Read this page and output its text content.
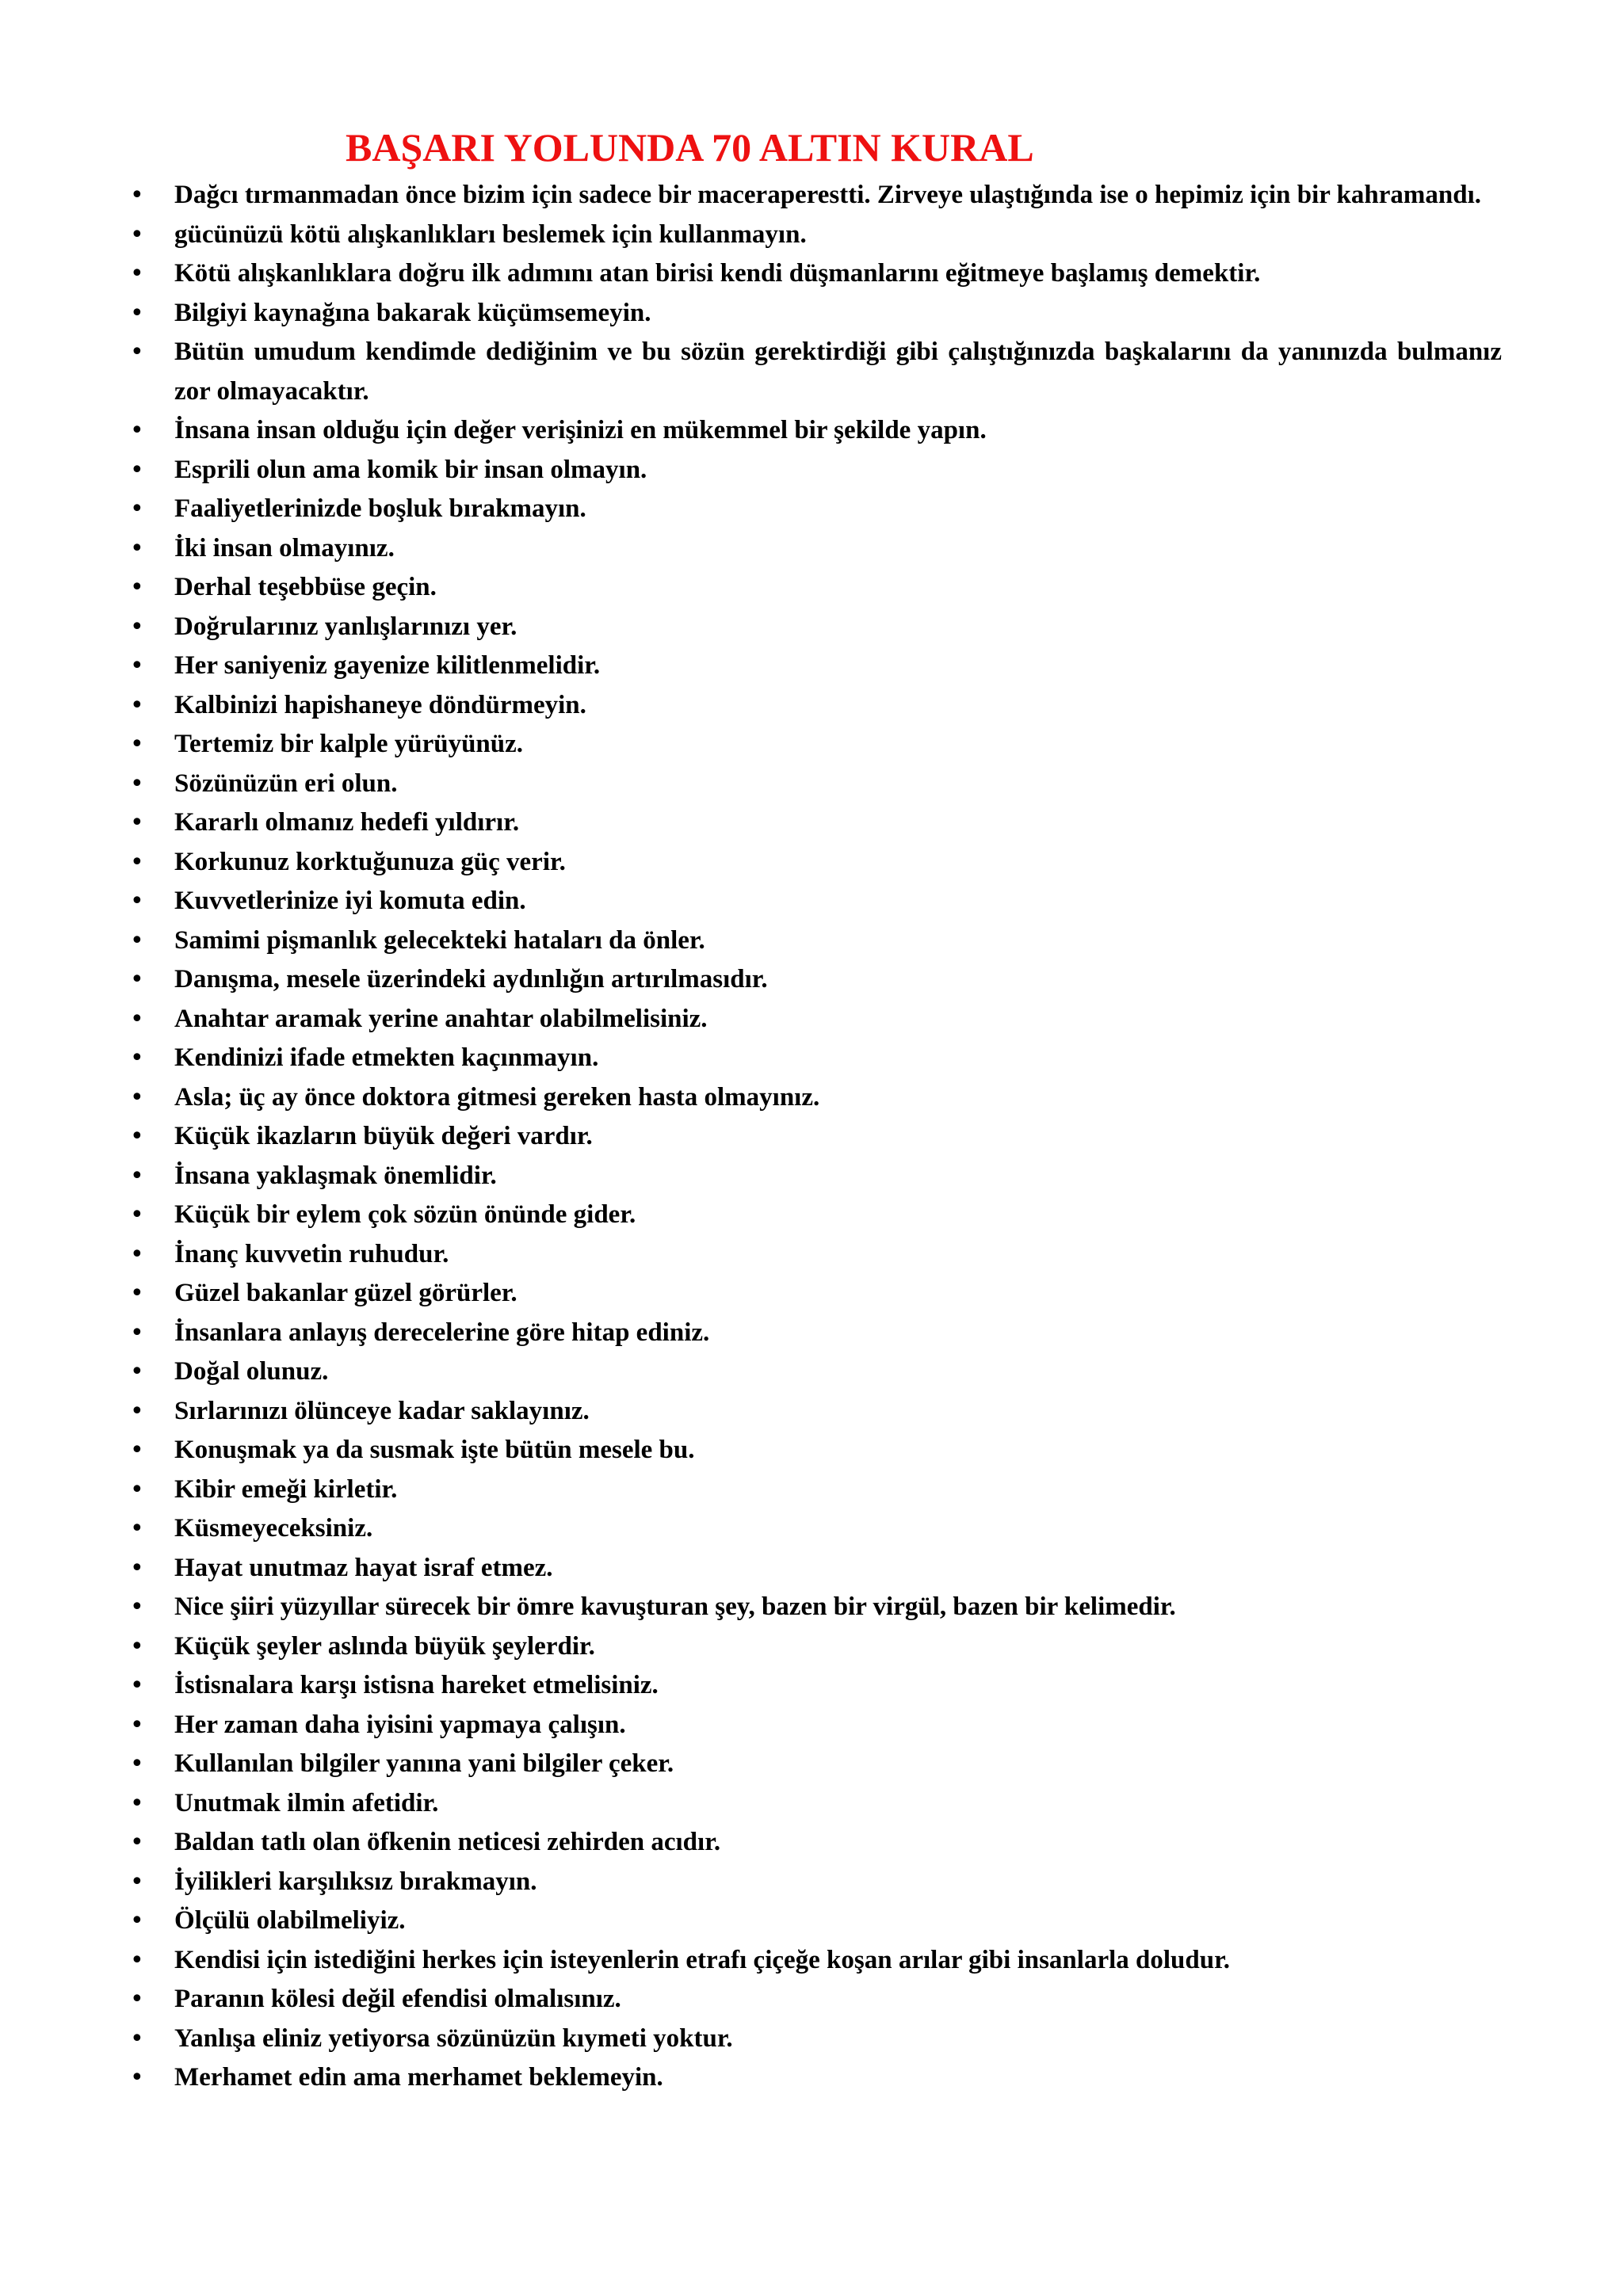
BAŞARI YOLUNDA 70 ALTIN KURAL
• Dağcı tırmanmadan önce bizim için sadece bir maceraperestti. Zirveye ulaştığında ise o hepimiz için bir kahramandı.
• gücünüzü kötü alışkanlıkları beslemek için kullanmayın.
• Kötü alışkanlıklara doğru ilk adımını atan birisi kendi düşmanlarını eğitmeye başlamış demektir.
• Bilgiyi kaynağına bakarak küçümsemeyin.
• Bütün umudum kendimde dediğinim ve bu sözün gerektirdiği gibi çalıştığınızda başkalarını da yanınızda bulmanız zor olmayacaktır.
• İnsana insan olduğu için değer verişinizi en mükemmel bir şekilde yapın.
• Esprili olun ama komik bir insan olmayın.
• Faaliyetlerinizde boşluk bırakmayın.
• İki insan olmayınız.
• Derhal teşebbüse geçin.
• Doğrularınız yanlışlarınızı yer.
• Her saniyeniz gayenize kilitlenmelidir.
• Kalbinizi hapishaneye döndürmeyin.
• Tertemiz bir kalple yürüyünüz.
• Sözünüzün eri olun.
• Kararlı olmanız hedefi yıldırır.
• Korkunuz korktuğunuza güç verir.
• Kuvvetlerinize iyi komuta edin.
• Samimi pişmanlık gelecekteki hataları da önler.
• Danışma, mesele üzerindeki aydınlığın artırılmasıdır.
• Anahtar aramak yerine anahtar olabilmelisiniz.
• Kendinizi ifade etmekten kaçınmayın.
• Asla; üç ay önce doktora gitmesi gereken hasta olmayınız.
• Küçük ikazların büyük değeri vardır.
• İnsana yaklaşmak önemlidir.
• Küçük bir eylem çok sözün önünde gider.
• İnanç kuvvetin ruhudur.
• Güzel bakanlar güzel görürler.
• İnsanlara anlayış derecelerine göre hitap ediniz.
• Doğal olunuz.
• Sırlarınızı ölünceye kadar saklayınız.
• Konuşmak ya da susmak işte bütün mesele bu.
• Kibir emeği kirletir.
• Küsmeyeceksiniz.
• Hayat unutmaz hayat israf etmez.
• Nice şiiri yüzyıllar sürecek bir ömre kavuşturan şey, bazen bir virgül, bazen bir kelimedir.
• Küçük şeyler aslında büyük şeylerdir.
• İstisnalara karşı istisna hareket etmelisiniz.
• Her zaman daha iyisini yapmaya çalışın.
• Kullanılan bilgiler yanına yani bilgiler çeker.
• Unutmak ilmin afetidir.
• Baldan tatlı olan öfkenin neticesi zehirden acıdır.
• İyilikleri karşılıksız bırakmayın.
• Ölçülü olabilmeliyiz.
• Kendisi için istediğini herkes için isteyenlerin etrafı çiçeğe koşan arılar gibi insanlarla doludur.
• Paranın kölesi değil efendisi olmalısınız.
• Yanlışa eliniz yetiyorsa sözünüzün kıymeti yoktur.
• Merhamet edin ama merhamet beklemeyin.
